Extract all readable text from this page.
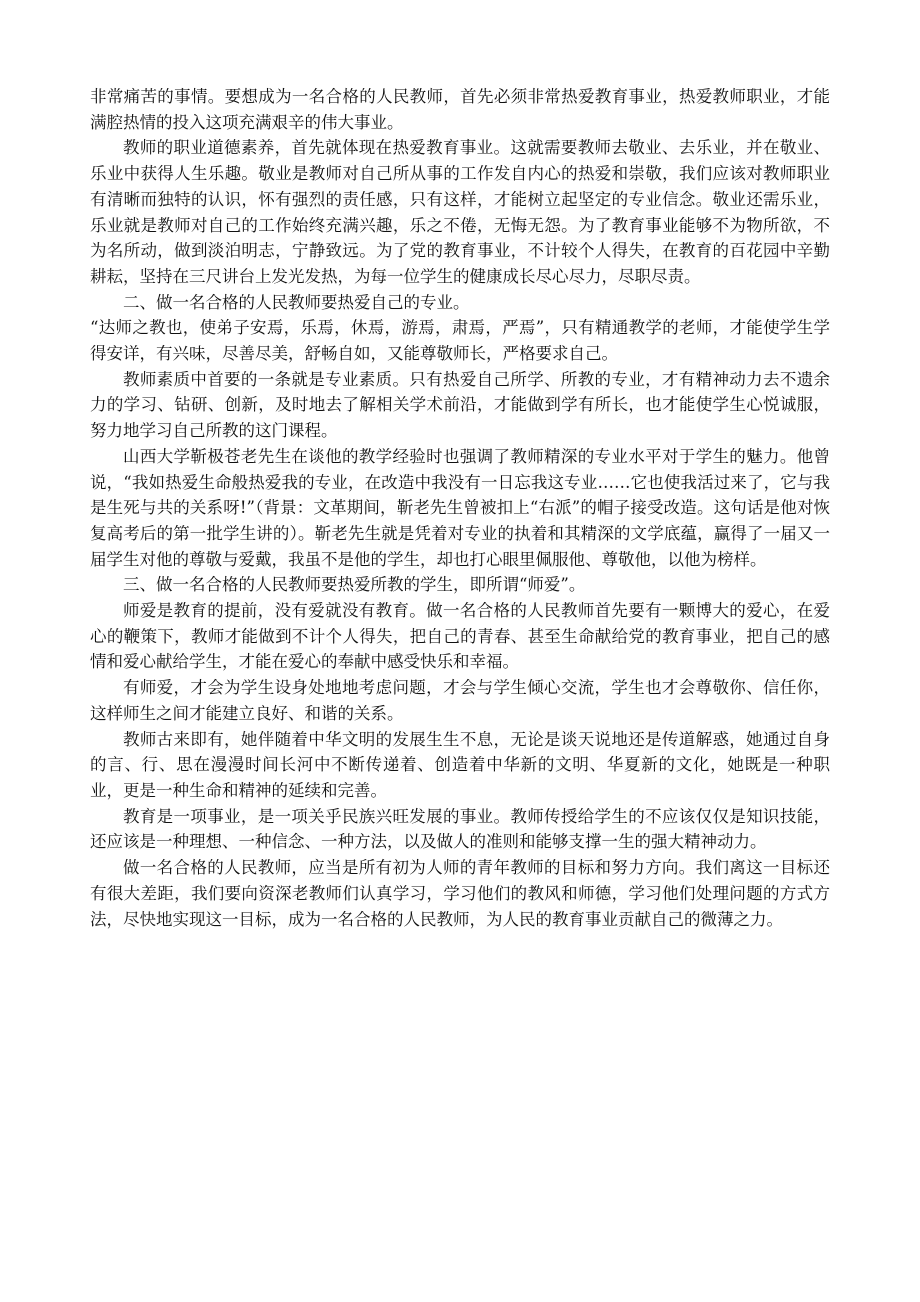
非常痛苦的事情。要想成为一名合格的人民教师，首先必须非常热爱教育事业，热爱教师职业，才能满腔热情的投入这项充满艰辛的伟大事业。

教师的职业道德素养，首先就体现在热爱教育事业。这就需要教师去敬业、去乐业，并在敬业、乐业中获得人生乐趣。敬业是教师对自己所从事的工作发自内心的热爱和崇敬，我们应该对教师职业有清晰而独特的认识，怀有强烈的责任感，只有这样，才能树立起坚定的专业信念。敬业还需乐业，乐业就是教师对自己的工作始终充满兴趣，乐之不倦，无悔无怨。为了教育事业能够不为物所欲，不为名所动，做到淡泊明志，宁静致远。为了党的教育事业，不计较个人得失，在教育的百花园中辛勤耕耘，坚持在三尺讲台上发光发热，为每一位学生的健康成长尽心尽力，尽职尽责。

二、做一名合格的人民教师要热爱自己的专业。

“达师之教也，使弟子安焉，乐焉，休焉，游焉，肃焉，严焉”，只有精通教学的老师，才能使学生学得安详，有兴味，尽善尽美，舒畅自如，又能尊敬师长，严格要求自己。

教师素质中首要的一条就是专业素质。只有热爱自己所学、所教的专业，才有精神动力去不遗余力的学习、钻研、创新，及时地去了解相关学术前沿，才能做到学有所长，也才能使学生心悦诚服，努力地学习自己所教的这门课程。

山西大学靳极苍老先生在谈他的教学经验时也强调了教师精深的专业水平对于学生的魅力。他曾说，“我如热爱生命般热爱我的专业，在改造中我没有一日忘我这专业……它也使我活过来了，它与我是生死与共的关系呀!”（背景：文革期间，靳老先生曾被扣上“右派”的帽子接受改造。这句话是他对恢复高考后的第一批学生讲的）。靳老先生就是凭着对专业的执着和其精深的文学底蕴，赢得了一届又一届学生对他的尊敬与爱戴，我虽不是他的学生，却也打心眼里佩服他、尊敬他，以他为榜样。

三、做一名合格的人民教师要热爱所教的学生，即所谓“师爱”。

师爱是教育的提前，没有爱就没有教育。做一名合格的人民教师首先要有一颗博大的爱心，在爱心的鞭策下，教师才能做到不计个人得失，把自己的青春、甚至生命献给党的教育事业，把自己的感情和爱心献给学生，才能在爱心的奉献中感受快乐和幸福。

有师爱，才会为学生设身处地地考虑问题，才会与学生倾心交流，学生也才会尊敬你、信任你，这样师生之间才能建立良好、和谐的关系。

教师古来即有，她伴随着中华文明的发展生生不息，无论是谈天说地还是传道解惑，她通过自身的言、行、思在漫漫时间长河中不断传递着、创造着中华新的文明、华夏新的文化，她既是一种职业，更是一种生命和精神的延续和完善。

教育是一项事业，是一项关乎民族兴旺发展的事业。教师传授给学生的不应该仅仅是知识技能，还应该是一种理想、一种信念、一种方法，以及做人的准则和能够支撑一生的强大精神动力。

做一名合格的人民教师，应当是所有初为人师的青年教师的目标和努力方向。我们离这一目标还有很大差距，我们要向资深老教师们认真学习，学习他们的教风和师德，学习他们处理问题的方式方法，尽快地实现这一目标，成为一名合格的人民教师，为人民的教育事业贡献自己的微薄之力。
